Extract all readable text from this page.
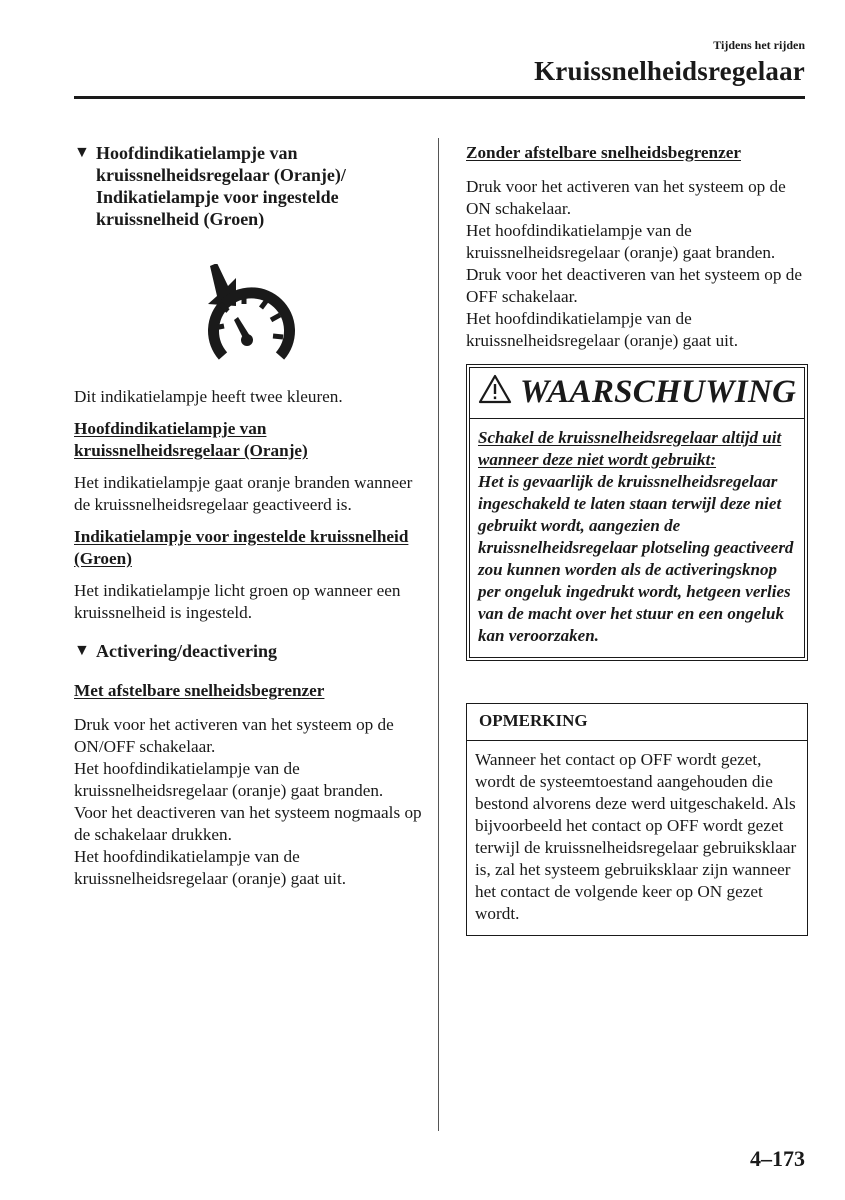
Tijdens het rijden
Kruissnelheidsregelaar
▼ Hoofdindikatielampje van kruissnelheidsregelaar (Oranje)/ Indikatielampje voor ingestelde kruissnelheid (Groen)

Dit indikatielampje heeft twee kleuren.

Hoofdindikatielampje van kruissnelheidsregelaar (Oranje)

Het indikatielampje gaat oranje branden wanneer de kruissnelheidsregelaar geactiveerd is.

Indikatielampje voor ingestelde kruissnelheid (Groen)

Het indikatielampje licht groen op wanneer een kruissnelheid is ingesteld.

▼ Activering/deactivering

Met afstelbare snelheidsbegrenzer

Druk voor het activeren van het systeem op de ON/OFF schakelaar.

Het hoofdindikatielampje van de kruissnelheidsregelaar (oranje) gaat branden.

Voor het deactiveren van het systeem nogmaals op de schakelaar drukken.

Het hoofdindikatielampje van de kruissnelheidsregelaar (oranje) gaat uit.

Zonder afstelbare snelheidsbegrenzer

Druk voor het activeren van het systeem op de ON schakelaar.

Het hoofdindikatielampje van de kruissnelheidsregelaar (oranje) gaat branden.

Druk voor het deactiveren van het systeem op de OFF schakelaar.

Het hoofdindikatielampje van de kruissnelheidsregelaar (oranje) gaat uit.

WAARSCHUWING

Schakel de kruissnelheidsregelaar altijd uit wanneer deze niet wordt gebruikt:

Het is gevaarlijk de kruissnelheidsregelaar ingeschakeld te laten staan terwijl deze niet gebruikt wordt, aangezien de kruissnelheidsregelaar plotseling geactiveerd zou kunnen worden als de activeringsknop per ongeluk ingedrukt wordt, hetgeen verlies van de macht over het stuur en een ongeluk kan veroorzaken.

OPMERKING
Wanneer het contact op OFF wordt gezet, wordt de systeemtoestand aangehouden die bestond alvorens deze werd uitgeschakeld. Als bijvoorbeeld het contact op OFF wordt gezet terwijl de kruissnelheidsregelaar gebruiksklaar is, zal het systeem gebruiksklaar zijn wanneer het contact de volgende keer op ON gezet wordt.
4–173
